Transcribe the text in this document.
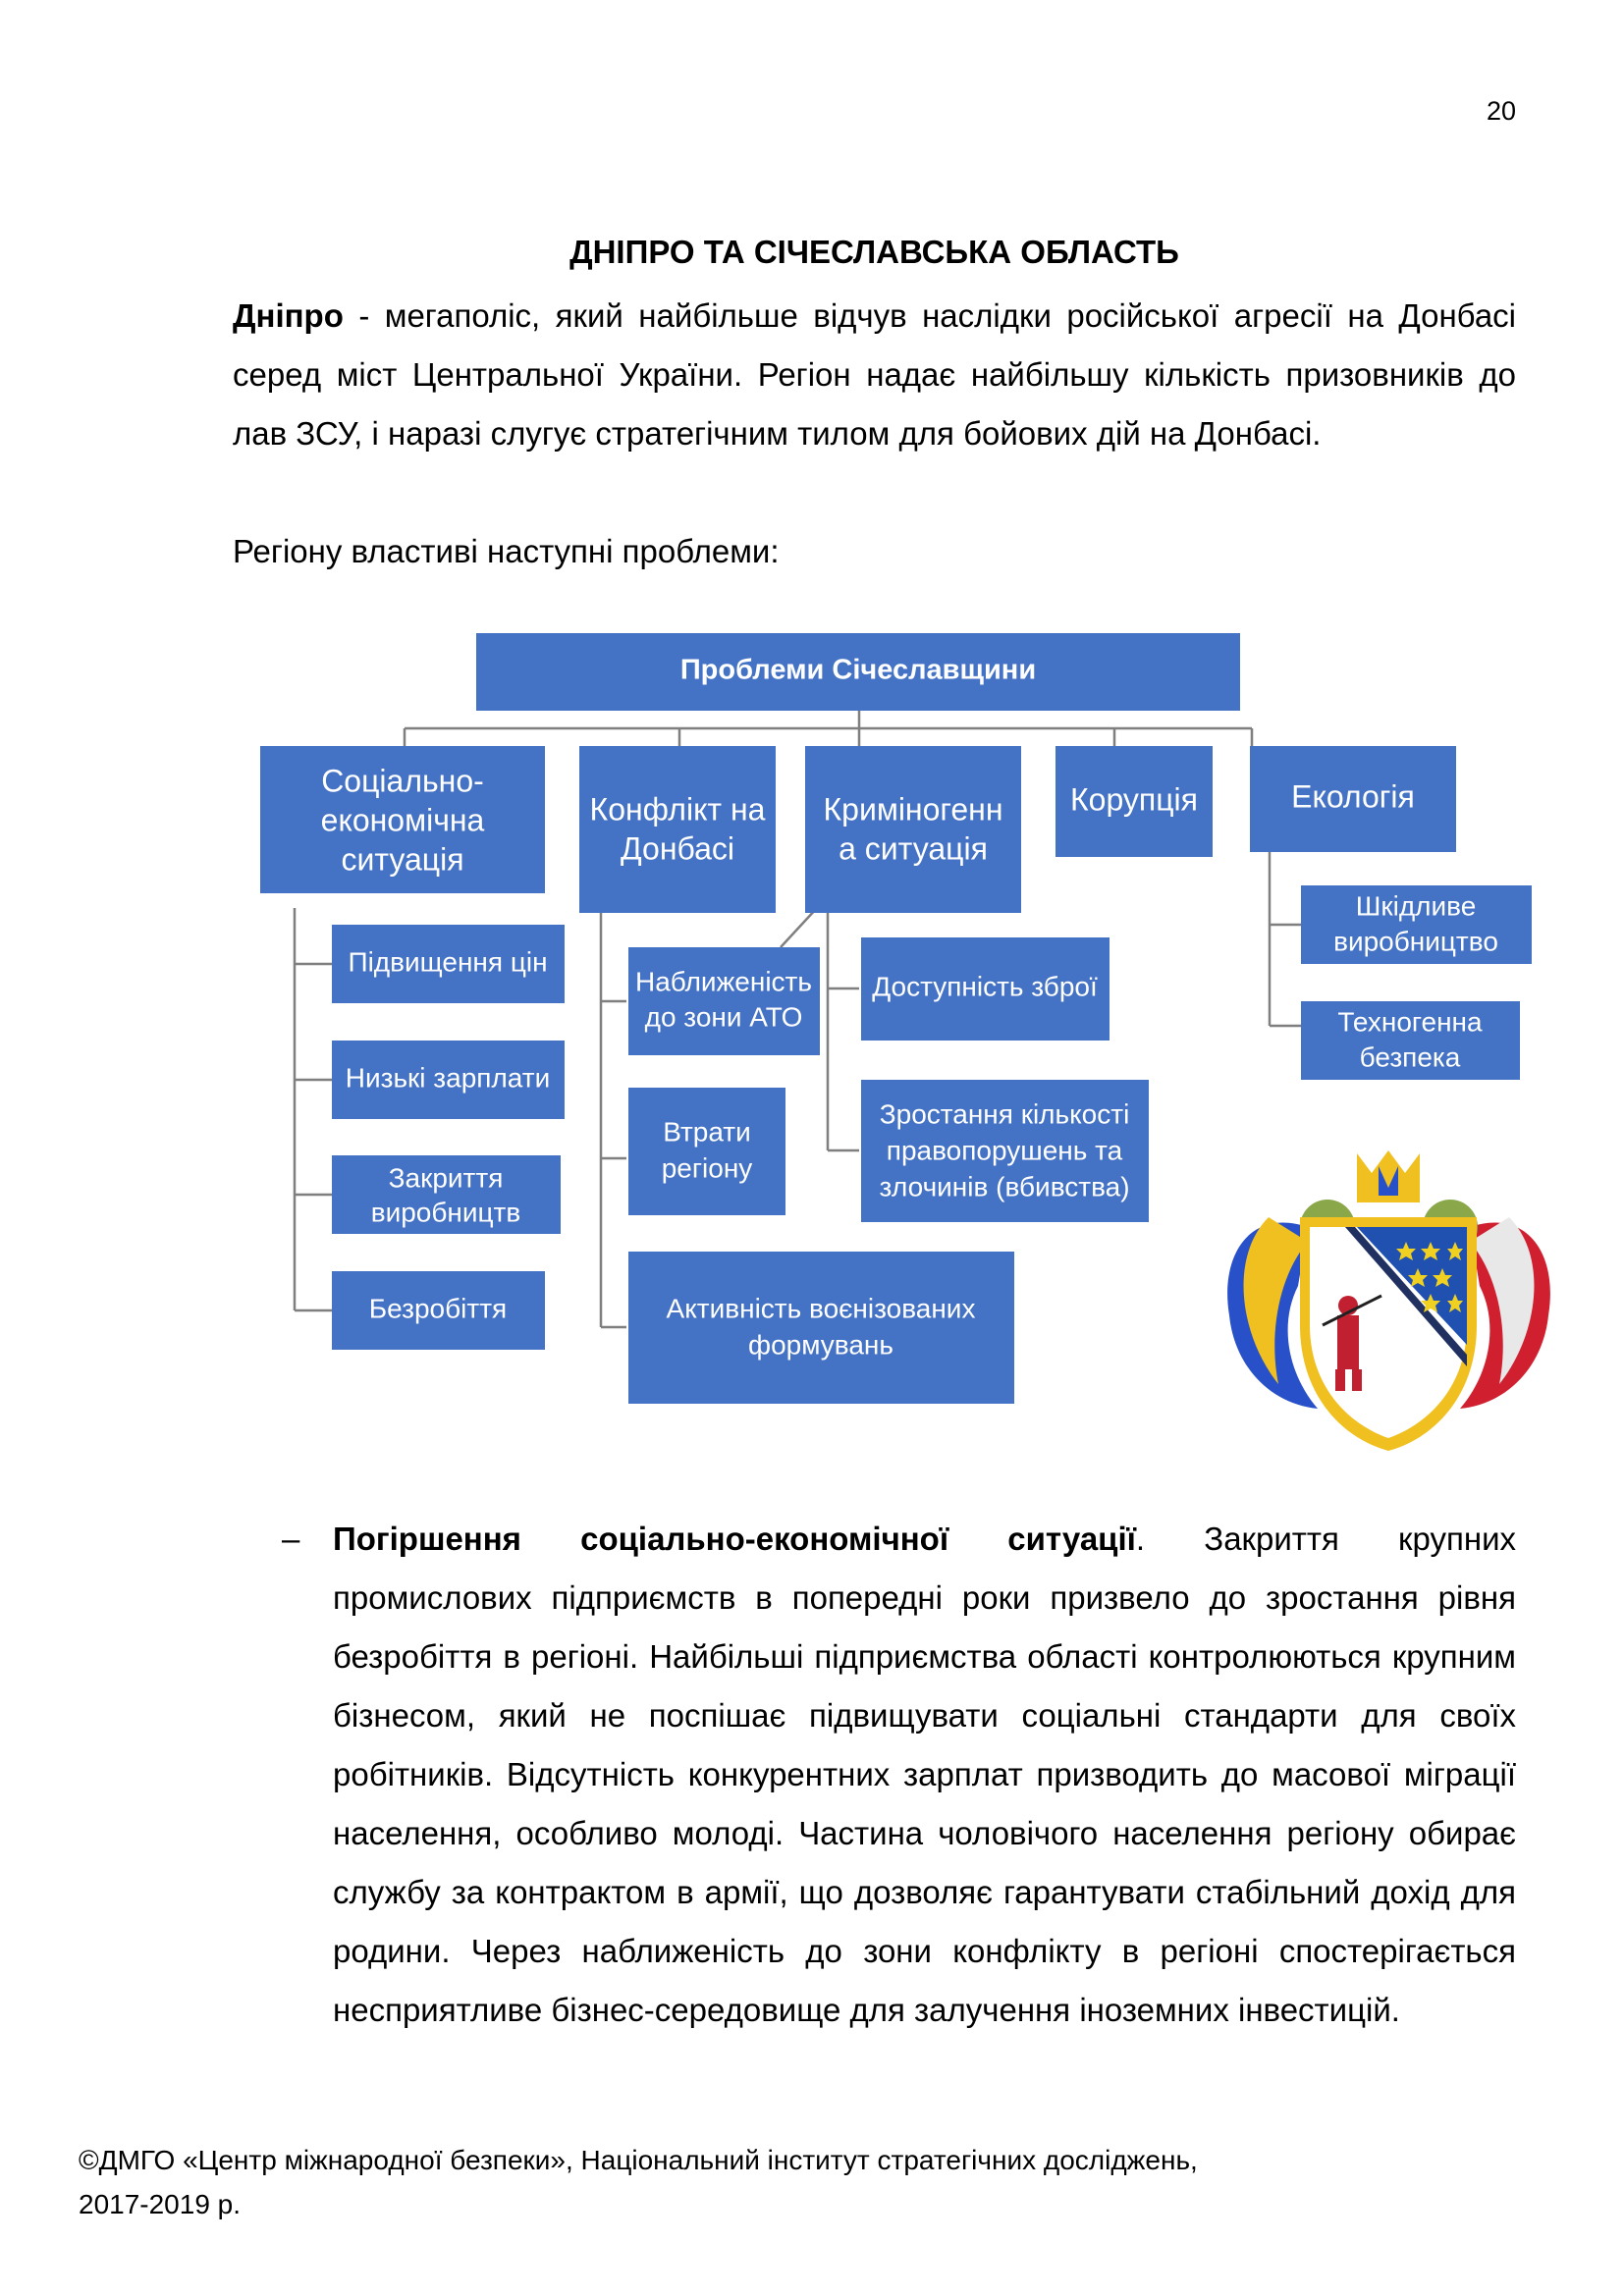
20
ДНІПРО ТА СІЧЕСЛАВСЬКА ОБЛАСТЬ
Дніпро - мегаполіс, який найбільше відчув наслідки російської агресії на Донбасі серед міст Центральної України. Регіон надає найбільшу кількість призовників до лав ЗСУ, і наразі слугує стратегічним тилом для бойових дій на Донбасі.
Регіону властиві наступні проблеми:
Проблеми Січеславщини
Соціально-
економічна
ситуація
Конфлікт на
Донбасі
Криміногенн
а ситуація
Корупція	Екологія
Підвищення цін
Низькі зарплати
Закриття
виробництв
Безробіття
Наближеність
до зони АТО
Втрати
регіону
Активність воєнізованих
формувань
Доступність зброї
Зростання кількості
правопорушень та
злочинів (вбивства)
Шкідливе
виробництво
Техногенна
безпека
– Погіршення соціально-економічної ситуації. Закриття крупних промислових підприємств в попередні роки призвело до зростання рівня безробіття в регіоні. Найбільші підприємства області контролюються крупним бізнесом, який не поспішає підвищувати соціальні стандарти для своїх робітників. Відсутність конкурентних зарплат призводить до масової міграції населення, особливо молоді. Частина чоловічого населення регіону обирає службу за контрактом в армії, що дозволяє гарантувати стабільний дохід для родини. Через наближеність до зони конфлікту в регіоні спостерігається несприятливе бізнес-середовище для залучення іноземних інвестицій.
©ДМГО «Центр міжнародної безпеки», Національний інститут стратегічних досліджень,
2017-2019 р.
